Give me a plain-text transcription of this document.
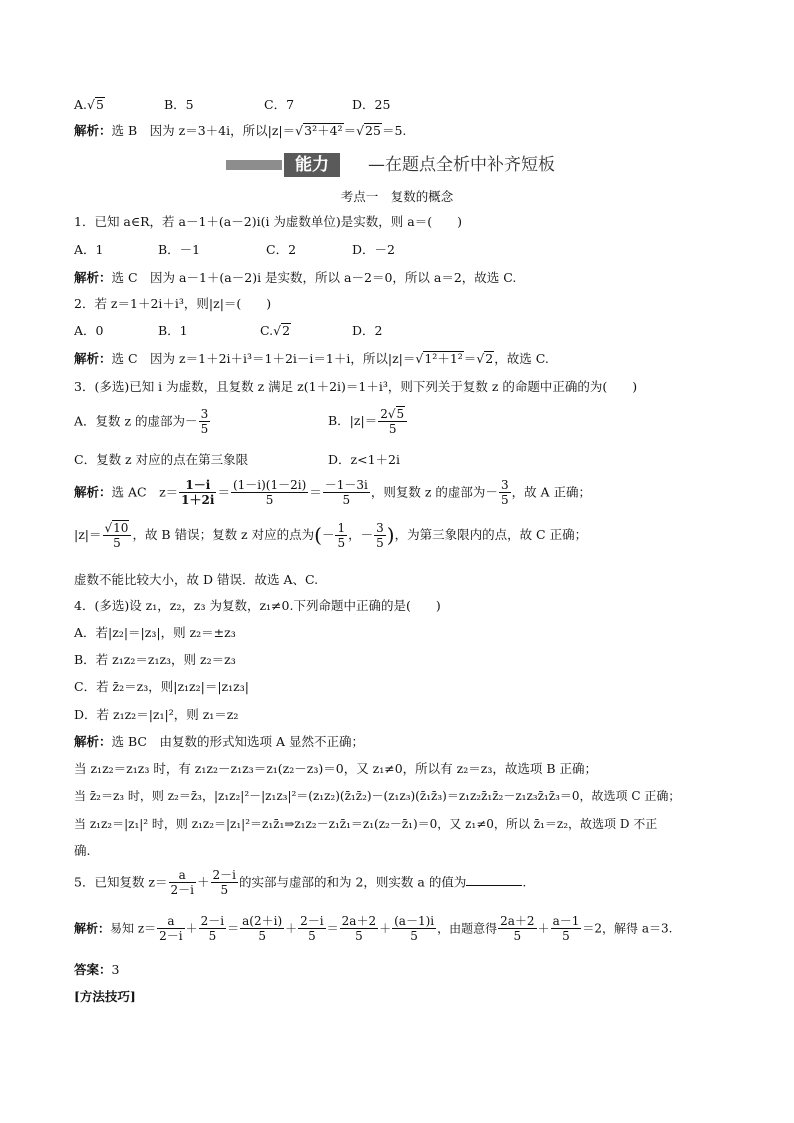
A.√5	B．5	C．7	D．25
解析：选 B　因为 z＝3＋4i，所以|z|＝√3²＋4²＝√25＝5.
能力	—在题点全析中补齐短板
考点一　复数的概念
1．已知 a∈R，若 a－1＋(a－2)i(i 为虚数单位)是实数，则 a＝(　　)
A．1	B．－1	C．2	D．－2
解析：选 C　因为 a－1＋(a－2)i 是实数，所以 a－2＝0，所以 a＝2，故选 C.
2．若 z＝1＋2i＋i³，则|z|＝(　　)
A．0	B．1	C.√2	D．2
解析：选 C　因为 z＝1＋2i＋i³＝1＋2i－i＝1＋i，所以|z|＝√1²＋1²＝√2，故选 C.
3．(多选)已知 i 为虚数，且复数 z 满足 z(1＋2i)＝1＋i³，则下列关于复数 z 的命题中正确的为(　　)
A．复数 z 的虚部为－ $\frac{3}{5}$	B．$|z|= \frac{2√5}{5}$
C．复数 z 对应的点在第三象限	D．z<1＋2i
解析：选 AC　$z= \frac{1-i}{1+2i} = \frac{(1-i)(1-2i)}{5} = \frac{-1-3i}{5}$ ，则复数 z 的虚部为－ $\frac{3}{5}$ ，故 A 正确；
$|z|= \frac{√10}{5}$ ，故 B 错误；复数 z 对应的点为(－ $\frac{1}{5}$ ，－ $\frac{3}{5}$ )，为第三象限内的点，故 C 正确；
虚数不能比较大小，故 D 错误．故选 A、C.
4．(多选)设 z₁，z₂，z₃ 为复数，z₁≠0.下列命题中正确的是(　　)
A．若|z₂|＝|z₃|，则 z₂＝±z₃
B．若 z₁z₂＝z₁z₃，则 z₂＝z₃
C．若 z̄₂＝z₃，则|z₁z₂|＝|z₁z₃|
D．若 z₁z₂＝|z₁|²，则 z₁＝z₂
解析：选 BC　由复数的形式知选项 A 显然不正确；
当 z₁z₂＝z₁z₃ 时，有 z₁z₂－z₁z₃＝z₁(z₂－z₃)＝0，又 z₁≠0，所以有 z₂＝z₃，故选项 B 正确；
当 z̄₂＝z₃ 时，则 z₂＝z̄₃，|z₁z₂|²－|z₁z₃|²＝(z₁z₂)(z̄₁z̄₂)－(z₁z₃)(z̄₁z̄₃)＝z₁z₂z̄₁z̄₂－z₁z₃z̄₁z̄₃＝0，故选项 C 正确；
当 z₁z₂＝|z₁|² 时，则 z₁z₂＝|z₁|²＝z₁z̄₁⇒z₁z₂－z₁z̄₁＝z₁(z₂－z̄₁)＝0，又 z₁≠0，所以 z̄₁＝z₂，故选项 D 不正
确.
5．已知复数 $z= \frac{a}{2-i} + \frac{2-i}{5}$ 的实部与虚部的和为 2，则实数 a 的值为	.
解析：易知 $z= \frac{a}{2-i} + \frac{2-i}{5} = \frac{a(2+i)}{5} + \frac{2-i}{5} = \frac{2a+2}{5} + \frac{(a-1)i}{5}$ ，由题意得 $\frac{2a+2}{5} + \frac{a-1}{5} =2$，解得 a＝3.
答案：3
[方法技巧]
